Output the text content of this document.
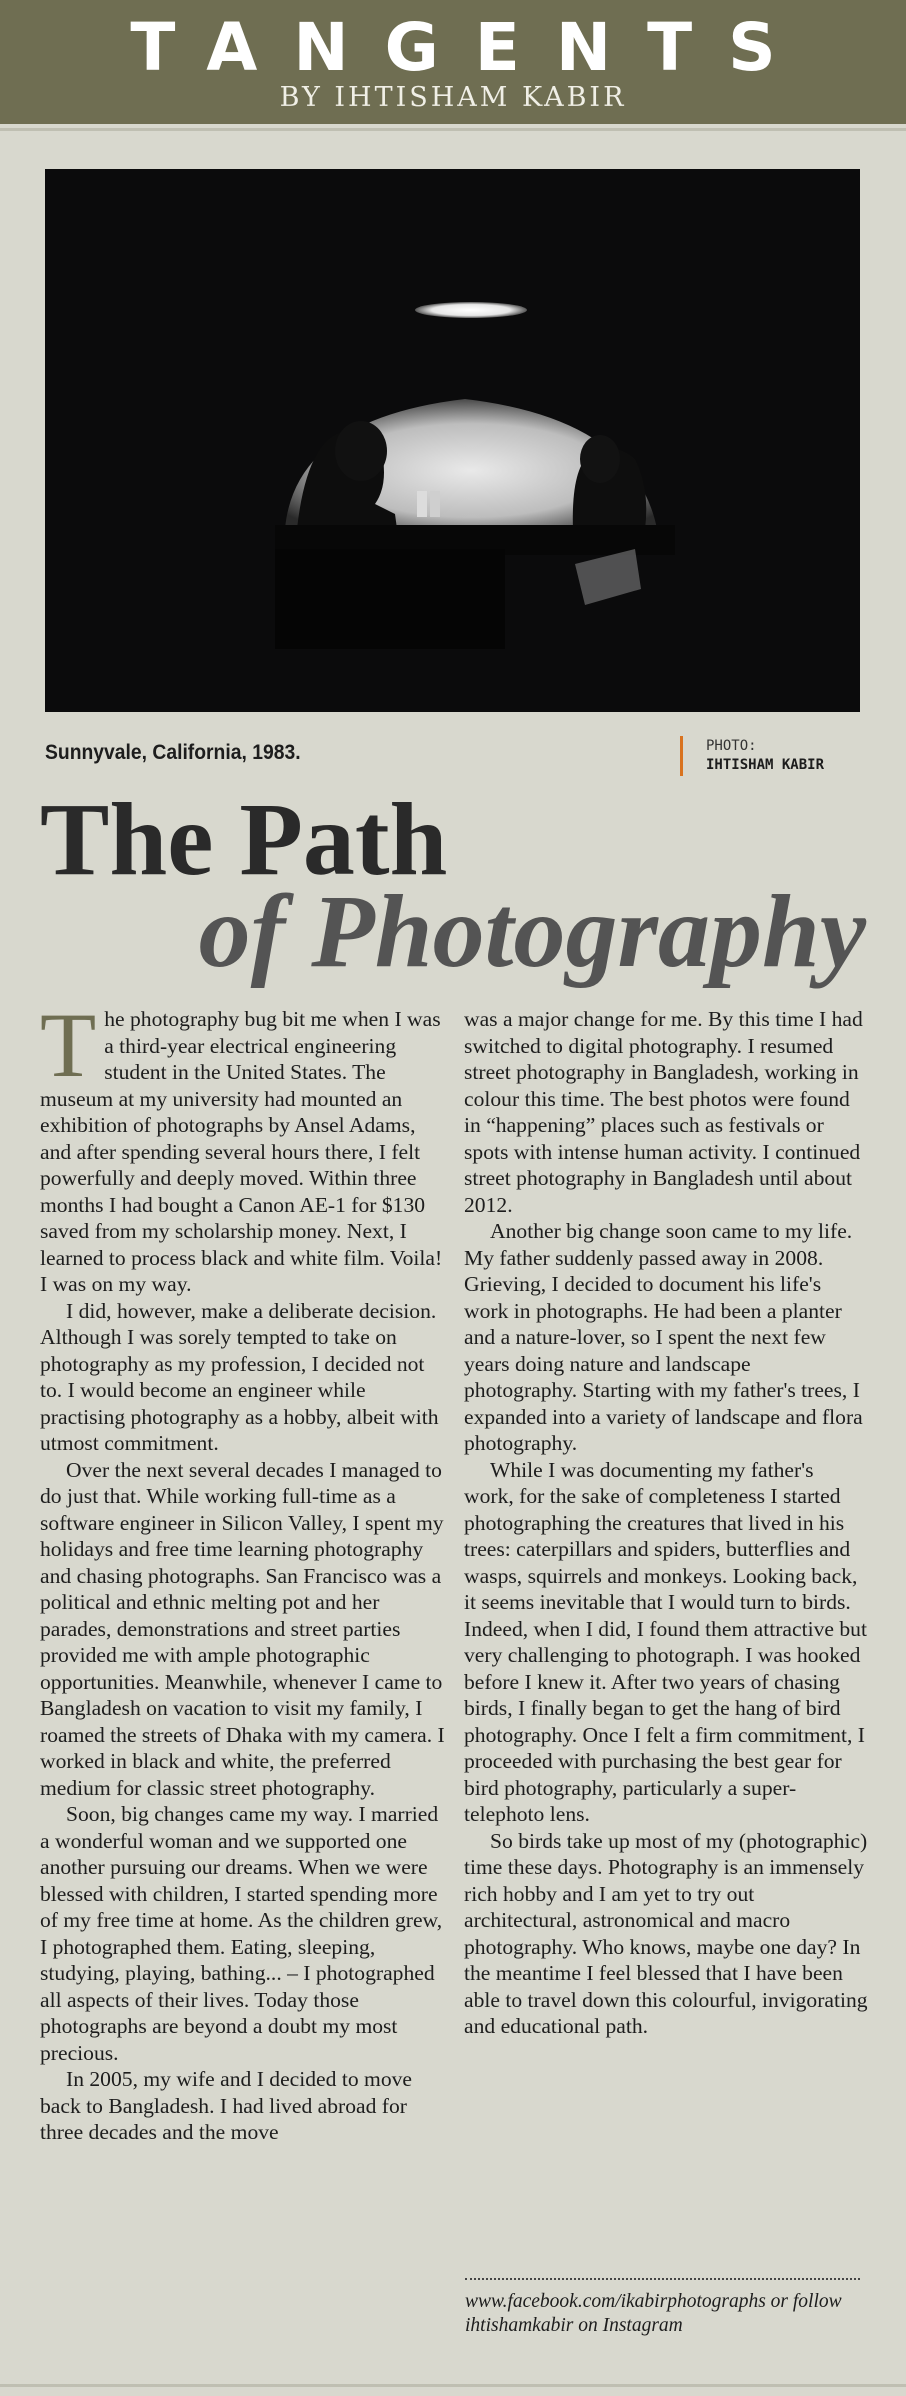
TANGENTS
BY IHTISHAM KABIR
Sunnyvale, California, 1983.	PHOTO:
IHTISHAM KABIR
The Path
of Photography

The photography bug bit me when I was a third-year electrical engineering student in the United States. The museum at my university had mounted an exhibition of photographs by Ansel Adams, and after spending several hours there, I felt powerfully and deeply moved. Within three months I had bought a Canon AE-1 for $130 saved from my scholarship money. Next, I learned to process black and white film. Voila! I was on my way.

I did, however, make a deliberate decision. Although I was sorely tempted to take on photography as my profession, I decided not to. I would become an engineer while practising photography as a hobby, albeit with utmost commitment.

Over the next several decades I managed to do just that. While working full-time as a software engineer in Silicon Valley, I spent my holidays and free time learning photography and chasing photographs. San Francisco was a political and ethnic melting pot and her parades, demonstrations and street parties provided me with ample photographic opportunities. Meanwhile, whenever I came to Bangladesh on vacation to visit my family, I roamed the streets of Dhaka with my camera. I worked in black and white, the preferred medium for classic street photography.

Soon, big changes came my way. I married a wonderful woman and we supported one another pursuing our dreams. When we were blessed with children, I started spending more of my free time at home. As the children grew, I photographed them. Eating, sleeping, studying, playing, bathing... – I photographed all aspects of their lives. Today those photographs are beyond a doubt my most precious.

In 2005, my wife and I decided to move back to Bangladesh. I had lived abroad for three decades and the move

was a major change for me. By this time I had switched to digital photography. I resumed street photography in Bangladesh, working in colour this time. The best photos were found in “happening” places such as festivals or spots with intense human activity. I continued street photography in Bangladesh until about 2012.

Another big change soon came to my life. My father suddenly passed away in 2008. Grieving, I decided to document his life's work in photographs. He had been a planter and a nature-lover, so I spent the next few years doing nature and landscape photography. Starting with my father's trees, I expanded into a variety of landscape and flora photography.

While I was documenting my father's work, for the sake of completeness I started photographing the creatures that lived in his trees: caterpillars and spiders, butterflies and wasps, squirrels and monkeys. Looking back, it seems inevitable that I would turn to birds. Indeed, when I did, I found them attractive but very challenging to photograph. I was hooked before I knew it. After two years of chasing birds, I finally began to get the hang of bird photography. Once I felt a firm commitment, I proceeded with purchasing the best gear for bird photography, particularly a super-telephoto lens.

So birds take up most of my (photographic) time these days. Photography is an immensely rich hobby and I am yet to try out architectural, astronomical and macro photography. Who knows, maybe one day? In the meantime I feel blessed that I have been able to travel down this colourful, invigorating and educational path.

www.facebook.com/ikabirphotographs or follow ihtishamkabir on Instagram
